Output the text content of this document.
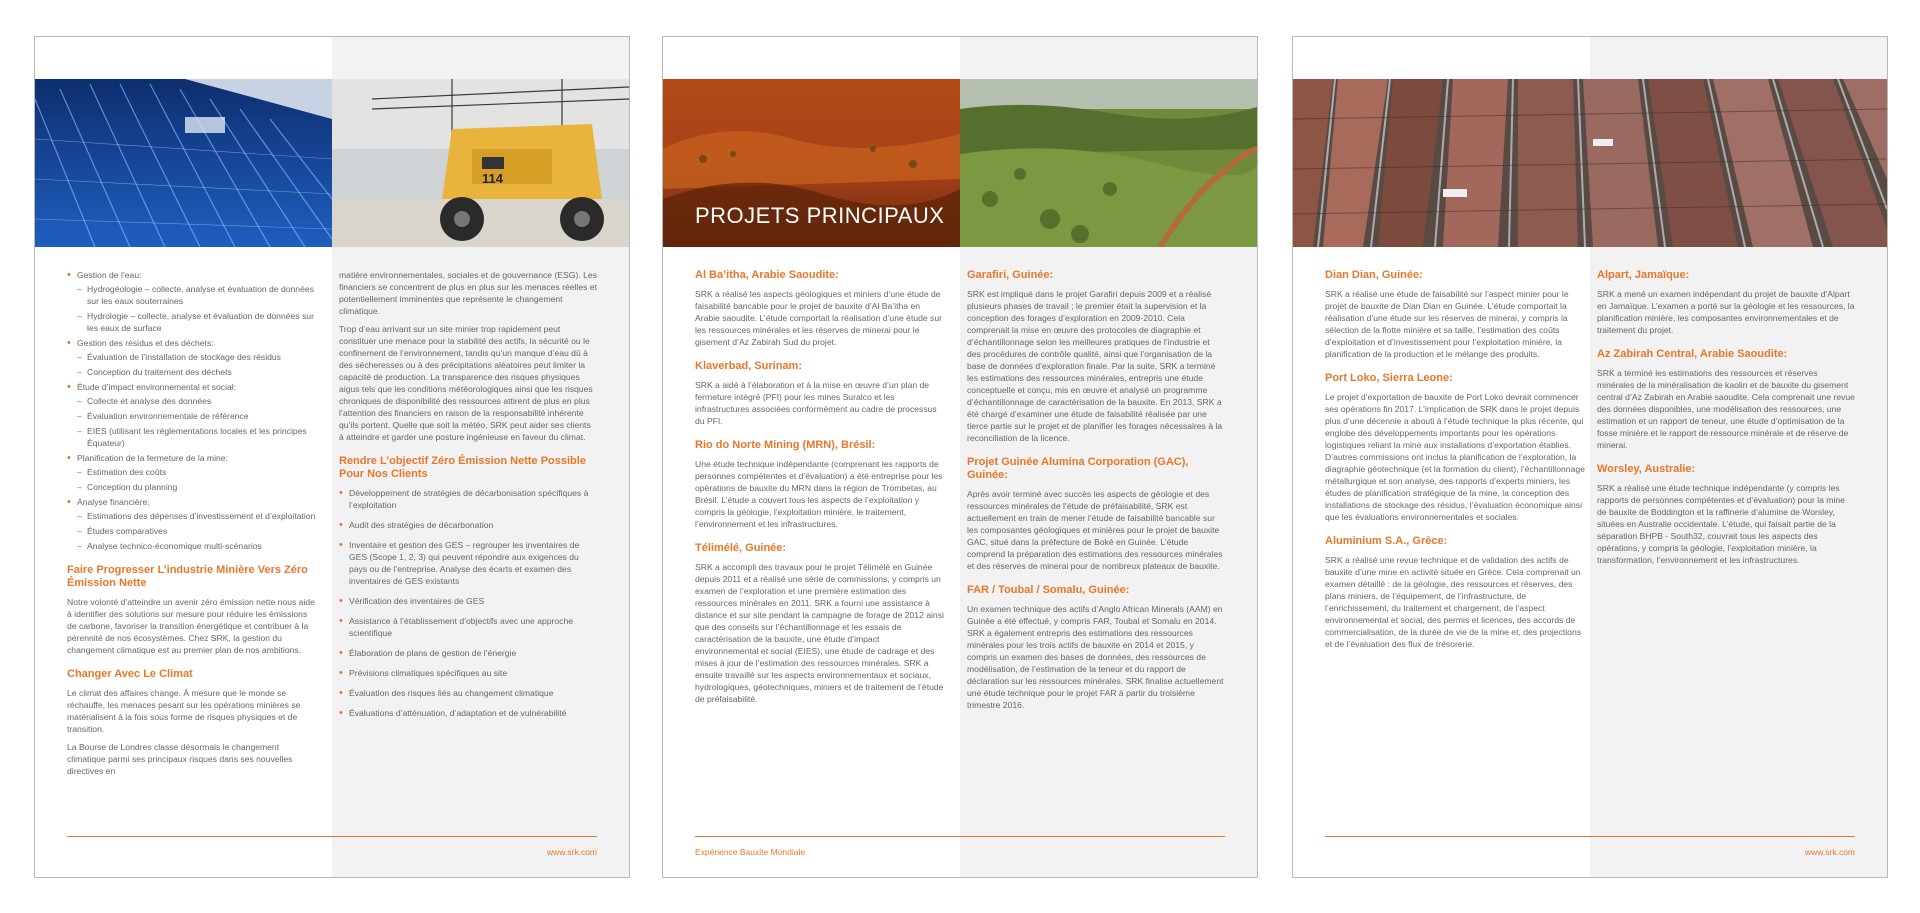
114
• Gestion de l’eau:
– Hydrogéologie – collecte, analyse et évaluation de données sur les eaux souterraines
– Hydrologie – collecte, analyse et évaluation de données sur les eaux de surface
• Gestion des résidus et des déchets:
– Évaluation de l’installation de stockage des résidus
– Conception du traitement des déchets
• Étude d’impact environnemental et social:
– Collecte et analyse des données
– Évaluation environnementale de référence
– EIES (utilisant les réglementations locales et les principes Équateur)
• Planification de la fermeture de la mine:
– Estimation des coûts
– Conception du planning
• Analyse financière:
– Estimations des dépenses d’investissement et d’exploitation
– Études comparatives
– Analyse technico-économique multi-scénarios
Faire Progresser L’industrie Minière Vers Zéro Émission Nette

Notre volonté d’atteindre un avenir zéro émission nette nous aide à identifier des solutions sur mesure pour réduire les émissions de carbone, favoriser la transition énergétique et contribuer à la pérennité de nos écosystèmes. Chez SRK, la gestion du changement climatique est au premier plan de nos ambitions.

Changer Avec Le Climat

Le climat des affaires change. À mesure que le monde se réchauffe, les menaces pesant sur les opérations minières se matérialisent à la fois sous forme de risques physiques et de transition.

La Bourse de Londres classe désormais le changement climatique parmi ses principaux risques dans ses nouvelles directives en

matière environnementales, sociales et de gouvernance (ESG). Les financiers se concentrent de plus en plus sur les menaces réelles et potentiellement imminentes que représente le changement climatique.

Trop d’eau arrivant sur un site minier trop rapidement peut constituer une menace pour la stabilité des actifs, la sécurité ou le confinement de l’environnement, tandis qu’un manque d’eau dû à des sécheresses ou à des précipitations aléatoires peut limiter la capacité de production. La transparence des risques physiques aigus tels que les conditions météorologiques ainsi que les risques chroniques de disponibilité des ressources attirent de plus en plus l’attention des financiers en raison de la responsabilité inhérente qu’ils portent. Quelle que soit la météo, SRK peut aider ses clients à atteindre et garder une posture ingénieuse en faveur du climat.

Rendre L’objectif Zéro Émission Nette Possible Pour Nos Clients
• Développement de stratégies de décarbonisation spécifiques à l’exploitation
• Audit des stratégies de décarbonation
• Inventaire et gestion des GES – regrouper les inventaires de GES (Scope 1, 2, 3) qui peuvent répondre aux exigences du pays ou de l’entreprise. Analyse des écarts et examen des inventaires de GES existants
• Vérification des inventaires de GES
• Assistance à l’établissement d’objectifs avec une approche scientifique
• Élaboration de plans de gestion de l’énergie
• Prévisions climatiques spécifiques au site
• Évaluation des risques liés au changement climatique
• Évaluations d’atténuation, d’adaptation et de vulnérabilité
www.srk.com
PROJETS PRINCIPAUX
Al Ba’itha, Arabie Saoudite:

SRK a réalisé les aspects géologiques et miniers d’une étude de faisabilité bancable pour le projet de bauxite d’Al Ba’itha en Arabie saoudite. L’étude comportait la réalisation d’une étude sur les ressources minérales et les réserves de minerai pour le gisement d’Az Zabirah Sud du projet.

Klaverbad, Surinam:

SRK a aidé à l’élaboration et à la mise en œuvre d’un plan de fermeture intégré (PFI) pour les mines Suralco et les infrastructures associées conformément au cadre de processus du PFI.

Rio do Norte Mining (MRN), Brésil:

Une étude technique indépendante (comprenant les rapports de personnes compétentes et d’évaluation) a été entreprise pour les opérations de bauxite du MRN dans la région de Trombetas, au Brésil. L’étude a couvert tous les aspects de l’exploitation y compris la géologie, l’exploitation minière, le traitement, l’environnement et les infrastructures.

Télimélé, Guinée:

SRK a accompli des travaux pour le projet Télimélé en Guinée depuis 2011 et a réalisé une série de commissions, y compris un examen de l’exploration et une première estimation des ressources minérales en 2011. SRK a fourni une assistance à distance et sur site pendant la campagne de forage de 2012 ainsi que des conseils sur l’échantillonnage et les essais de caractérisation de la bauxite, une étude d’impact environnemental et social (EIES), une étude de cadrage et des mises à jour de l’estimation des ressources minérales. SRK a ensuite travaillé sur les aspects environnementaux et sociaux, hydrologiques, géotechniques, miniers et de traitement de l’étude de préfaisabilité.

Garafiri, Guinée:

SRK est impliqué dans le projet Garafiri depuis 2009 et a réalisé plusieurs phases de travail ; le premier était la supervision et la conception des forages d’exploration en 2009-2010. Cela comprenait la mise en œuvre des protocoles de diagraphie et d’échantillonnage selon les meilleures pratiques de l’industrie et des procédures de contrôle qualité, ainsi que l’organisation de la base de données d’exploration finale. Par la suite, SRK a terminé les estimations des ressources minérales, entrepris une étude conceptuelle et conçu, mis en œuvre et analysé un programme d’échantillonnage de caractérisation de la bauxite. En 2013, SRK a été chargé d’examiner une étude de faisabilité réalisée par une tierce partie sur le projet et de planifier les forages nécessaires à la reconciliation de la licence.

Projet Guinée Alumina Corporation (GAC), Guinée:

Après avoir terminé avec succès les aspects de géologie et des ressources minérales de l’étude de préfaisabilité, SRK est actuellement en train de mener l’étude de faisabilité bancable sur les composantes géologiques et minières pour le projet de bauxite GAC, situé dans la préfecture de Boké en Guinée. L’étude comprend la préparation des estimations des ressources minérales et des réserves de minerai pour de nombreux plateaux de bauxite.

FAR / Toubal / Somalu, Guinée:

Un examen technique des actifs d’Anglo African Minerals (AAM) en Guinée a été effectué, y compris FAR, Toubal et Somalu en 2014. SRK a également entrepris des estimations des ressources minérales pour les trois actifs de bauxite en 2014 et 2015, y compris un examen des bases de données, des ressources de modélisation, de l’estimation de la teneur et du rapport de déclaration sur les ressources minérales. SRK finalise actuellement une étude technique pour le projet FAR à partir du troisième trimestre 2016.

Expérience Bauxite Mondiale
Dian Dian, Guinée:

SRK a réalisé une étude de faisabilité sur l’aspect minier pour le projet de bauxite de Dian Dian en Guinée. L’étude comportait la réalisation d’une étude sur les réserves de minerai, y compris la sélection de la flotte minière et sa taille, l’estimation des coûts d’exploitation et d’investissement pour l’exploitation minière, la planification de la production et le mélange des produits.

Port Loko, Sierra Leone:

Le projet d’exportation de bauxite de Port Loko devrait commencer ses opérations fin 2017. L’implication de SRK dans le projet depuis plus d’une décennie a abouti à l’étude technique la plus récente, qui englobe des développements importants pour les opérations logistiques reliant la mine aux installations d’exportation établies. D’autres commissions ont inclus la planification de l’exploration, la diagraphie géotechnique (et la formation du client), l’échantillonnage métallurgique et son analyse, des rapports d’experts miniers, les études de planification stratégique de la mine, la conception des installations de stockage des résidus, l’évaluation économique ainsi que les évaluations environnementales et sociales.

Aluminium S.A., Grèce:

SRK a réalisé une revue technique et de validation des actifs de bauxite d’une mine en activité située en Grèce. Cela comprenait un examen détaillé : de la géologie, des ressources et réserves, des plans miniers, de l’équipement, de l’infrastructure, de l’enrichissement, du traitement et chargement, de l’aspect environnemental et social, des permis et licences, des accords de commercialisation, de la durée de vie de la mine et, des projections et de l’évaluation des flux de trésorerie.

Alpart, Jamaïque:

SRK a mené un examen indépendant du projet de bauxite d’Alpart en Jamaïque. L’examen a porté sur la géologie et les ressources, la planification minière, les composantes environnementales et de traitement du projet.

Az Zabirah Central, Arabie Saoudite:

SRK a terminé les estimations des ressources et réserves minérales de la minéralisation de kaolin et de bauxite du gisement central d’Az Zabirah en Arabie saoudite. Cela comprenait une revue des données disponibles, une modélisation des ressources, une estimation et un rapport de teneur, une étude d’optimisation de la fosse minière et le rapport de ressource minérale et de réserve de minerai.

Worsley, Australie:

SRK a réalisé une étude technique indépendante (y compris les rapports de personnes compétentes et d’évaluation) pour la mine de bauxite de Boddington et la raffinerie d’alumine de Worsley, situées en Australie occidentale. L’étude, qui faisait partie de la séparation BHPB - South32, couvrait tous les aspects des opérations, y compris la géologie, l’exploitation minière, la transformation, l’environnement et les infrastructures.

www.srk.com
